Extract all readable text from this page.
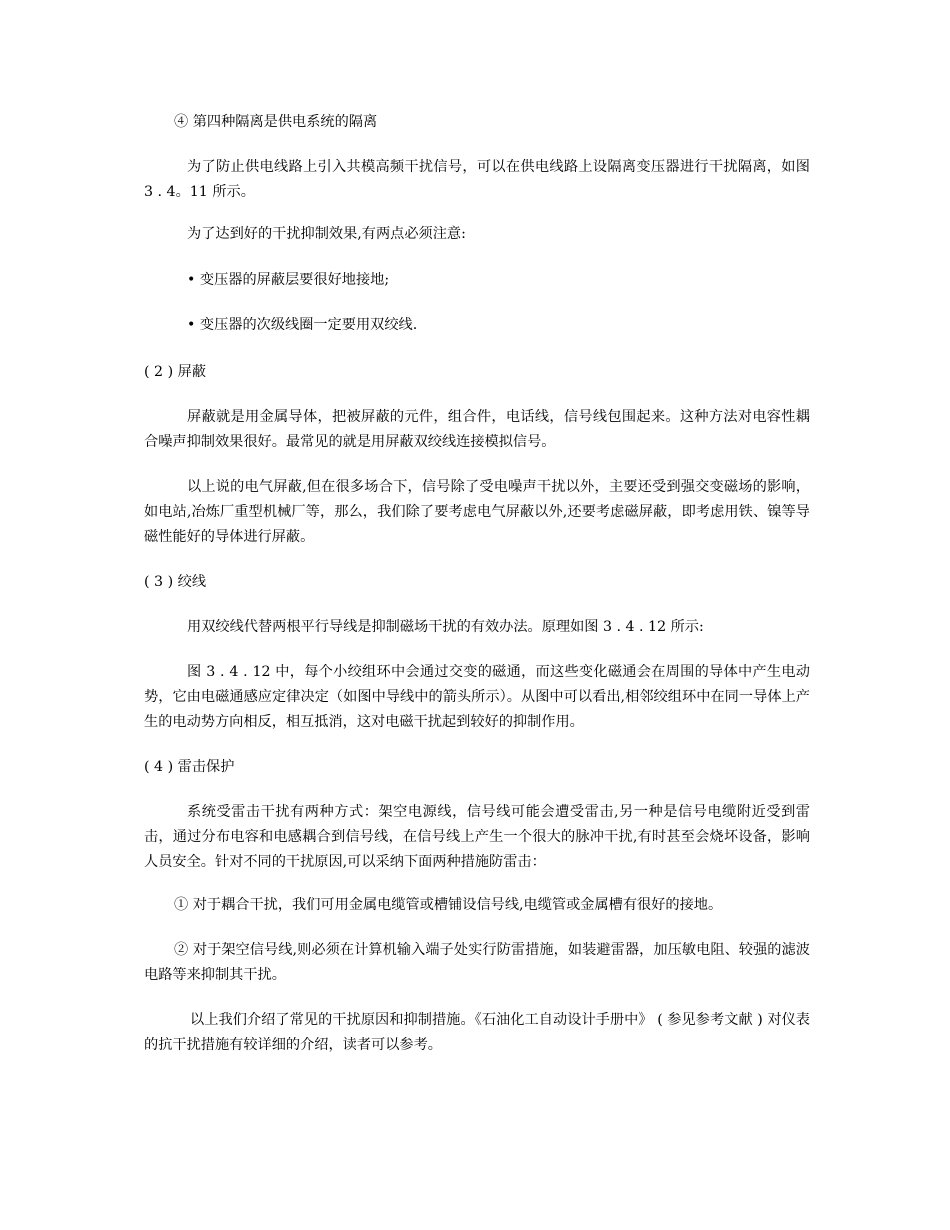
④ 第四种隔离是供电系统的隔离

为了防止供电线路上引入共模高频干扰信号，可以在供电线路上设隔离变压器进行干扰隔离，如图 3 . 4。11 所示。

为了达到好的干扰抑制效果,有两点必须注意:

• 变压器的屏蔽层要很好地接地;

• 变压器的次级线圈一定要用双绞线.

( 2 ) 屏蔽

屏蔽就是用金属导体，把被屏蔽的元件，组合件，电话线，信号线包围起来。这种方法对电容性耦合噪声抑制效果很好。最常见的就是用屏蔽双绞线连接模拟信号。

以上说的电气屏蔽,但在很多场合下，信号除了受电噪声干扰以外，主要还受到强交变磁场的影响，如电站,冶炼厂重型机械厂等，那么，我们除了要考虑电气屏蔽以外,还要考虑磁屏蔽，即考虑用铁、镍等导磁性能好的导体进行屏蔽。

( 3 ) 绞线

用双绞线代替两根平行导线是抑制磁场干扰的有效办法。原理如图 3 . 4 . 12 所示:

图 3 . 4 . 12 中，每个小绞组环中会通过交变的磁通，而这些变化磁通会在周围的导体中产生电动势，它由电磁通感应定律决定（如图中导线中的箭头所示）。从图中可以看出,相邻绞组环中在同一导体上产生的电动势方向相反，相互抵消，这对电磁干扰起到较好的抑制作用。

( 4 ) 雷击保护

系统受雷击干扰有两种方式：架空电源线，信号线可能会遭受雷击,另一种是信号电缆附近受到雷击，通过分布电容和电感耦合到信号线，在信号线上产生一个很大的脉冲干扰,有时甚至会烧坏设备，影响人员安全。针对不同的干扰原因,可以采纳下面两种措施防雷击：

① 对于耦合干扰，我们可用金属电缆管或槽铺设信号线,电缆管或金属槽有很好的接地。

② 对于架空信号线,则必须在计算机输入端子处实行防雷措施，如装避雷器，加压敏电阻、较强的滤波电路等来抑制其干扰。

以上我们介绍了常见的干扰原因和抑制措施。《石油化工自动设计手册中》 ( 参见参考文献 ) 对仪表的抗干扰措施有较详细的介绍，读者可以参考。
